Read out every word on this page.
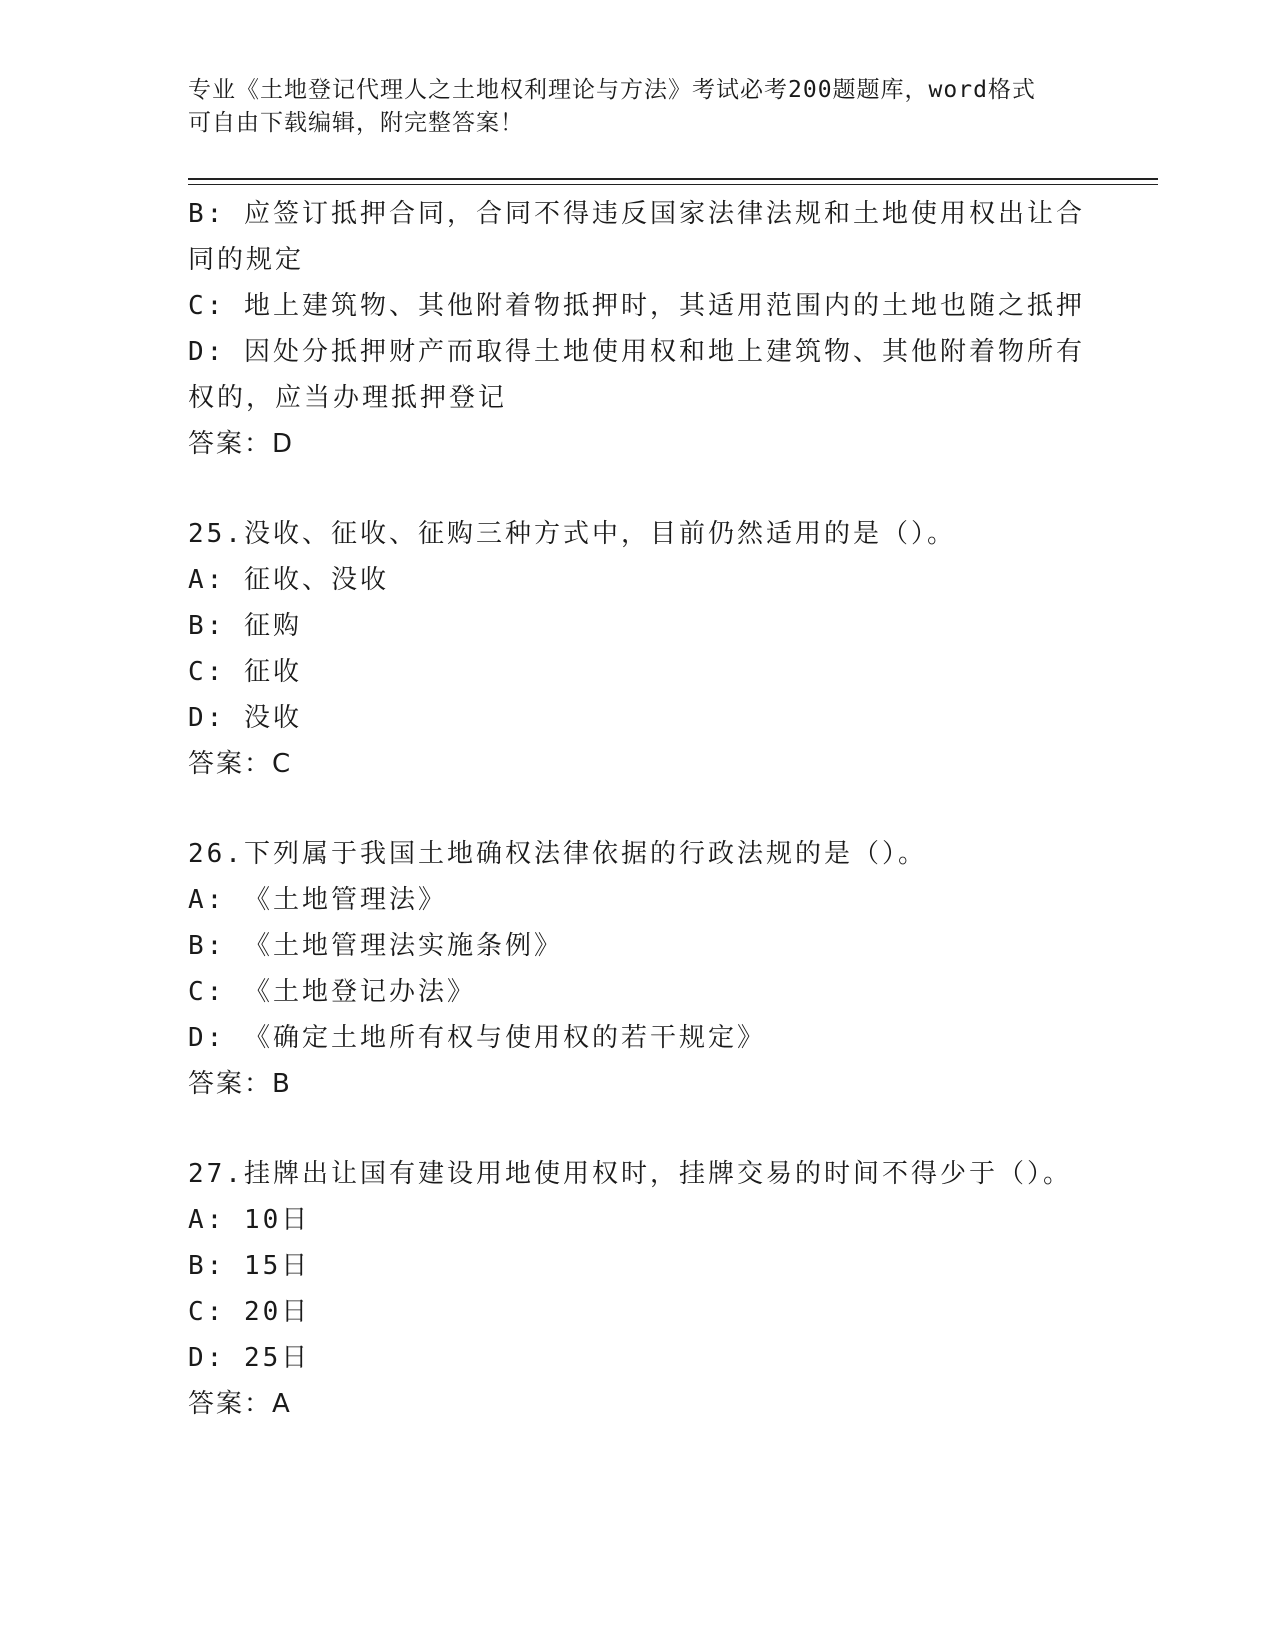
专业《土地登记代理人之土地权利理论与方法》考试必考200题题库，word格式
可自由下载编辑，附完整答案！
B: 应签订抵押合同，合同不得违反国家法律法规和土地使用权出让合
同的规定
C: 地上建筑物、其他附着物抵押时，其适用范围内的土地也随之抵押
D: 因处分抵押财产而取得土地使用权和地上建筑物、其他附着物所有
权的，应当办理抵押登记
答案：D
25.没收、征收、征购三种方式中，目前仍然适用的是（）。
A: 征收、没收
B: 征购
C: 征收
D: 没收
答案：C
26.下列属于我国土地确权法律依据的行政法规的是（）。
A: 《土地管理法》
B: 《土地管理法实施条例》
C: 《土地登记办法》
D: 《确定土地所有权与使用权的若干规定》
答案：B
27.挂牌出让国有建设用地使用权时，挂牌交易的时间不得少于（）。
A: 10日
B: 15日
C: 20日
D: 25日
答案：A
